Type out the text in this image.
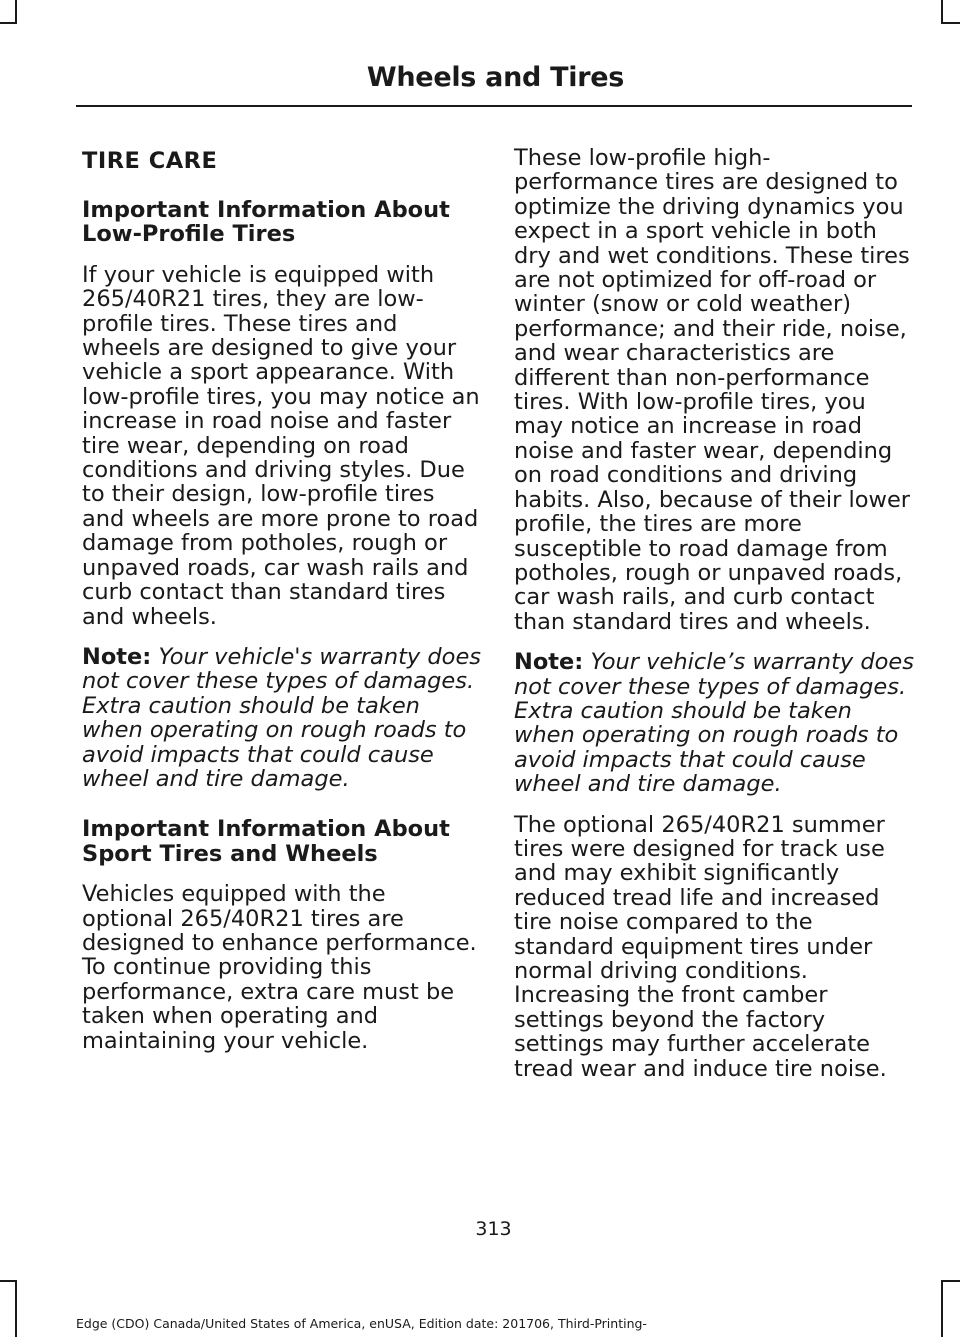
Wheels and Tires
TIRE CARE
Important Information About Low-Profile Tires

If your vehicle is equipped with 265/40R21 tires, they are low-profile tires. These tires and wheels are designed to give your vehicle a sport appearance. With low-profile tires, you may notice an increase in road noise and faster tire wear, depending on road conditions and driving styles. Due to their design, low-profile tires and wheels are more prone to road damage from potholes, rough or unpaved roads, car wash rails and curb contact than standard tires and wheels.

Note: Your vehicle's warranty does not cover these types of damages. Extra caution should be taken when operating on rough roads to avoid impacts that could cause wheel and tire damage.

Important Information About Sport Tires and Wheels

Vehicles equipped with the optional 265/40R21 tires are designed to enhance performance. To continue providing this performance, extra care must be taken when operating and maintaining your vehicle.

These low-profile high-performance tires are designed to optimize the driving dynamics you expect in a sport vehicle in both dry and wet conditions. These tires are not optimized for off-road or winter (snow or cold weather) performance; and their ride, noise, and wear characteristics are different than non-performance tires. With low-profile tires, you may notice an increase in road noise and faster wear, depending on road conditions and driving habits. Also, because of their lower profile, the tires are more susceptible to road damage from potholes, rough or unpaved roads, car wash rails, and curb contact than standard tires and wheels.

Note: Your vehicle’s warranty does not cover these types of damages. Extra caution should be taken when operating on rough roads to avoid impacts that could cause wheel and tire damage.

The optional 265/40R21 summer tires were designed for track use and may exhibit significantly reduced tread life and increased tire noise compared to the standard equipment tires under normal driving conditions. Increasing the front camber settings beyond the factory settings may further accelerate tread wear and induce tire noise.

313
Edge (CDO) Canada/United States of America, enUSA, Edition date: 201706, Third-Printing-
